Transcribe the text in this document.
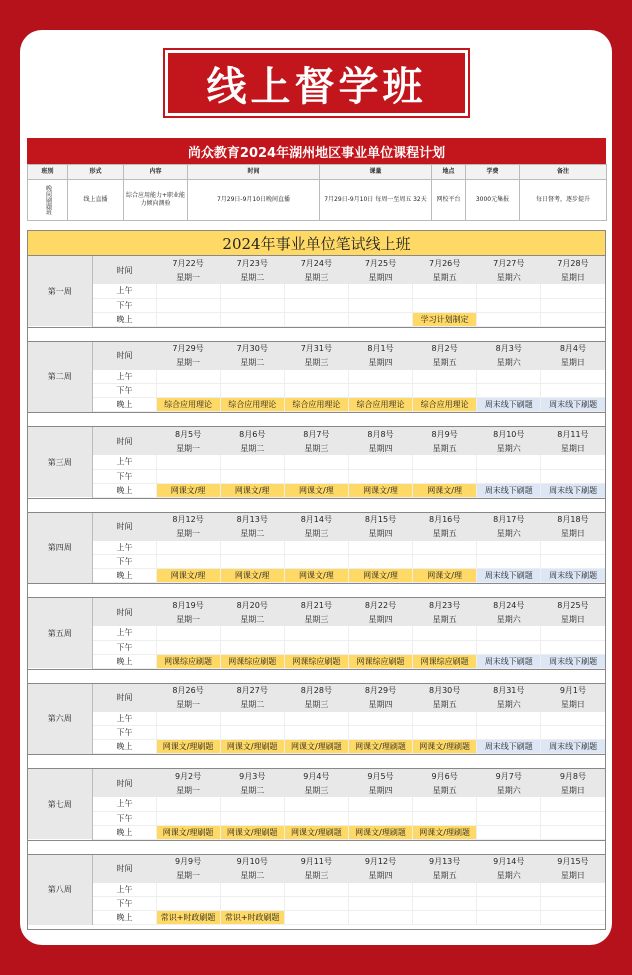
线上督学班
尚众教育2024年湖州地区事业单位课程计划
班别	形式	内容	时间	课量	地点	学费	备注
晚间刷题班	线上直播	综合应用能力+职业能力倾向测验	7月29日-9月10日晚间直播	7月29日-9月10日 每周一至周五 32天	网校平台	3000元集报	每日督考，逐步提升
2024年事业单位笔试线上班
第一周	时间	7月22号	7月23号	7月24号	7月25号	7月26号	7月27号	7月28号
		星期一	星期二	星期三	星期四	星期五	星期六	星期日
	上午							
	下午							
	晚上					学习计划制定		
第二周	时间	7月29号	7月30号	7月31号	8月1号	8月2号	8月3号	8月4号
		星期一	星期二	星期三	星期四	星期五	星期六	星期日
	上午							
	下午							
	晚上	综合应用理论	综合应用理论	综合应用理论	综合应用理论	综合应用理论	周末线下刷题	周末线下刷题
第三周	时间	8月5号	8月6号	8月7号	8月8号	8月9号	8月10号	8月11号
		星期一	星期二	星期三	星期四	星期五	星期六	星期日
	上午							
	下午							
	晚上	网课文/理	网课文/理	网课文/理	网课文/理	网课文/理	周末线下刷题	周末线下刷题
第四周	时间	8月12号	8月13号	8月14号	8月15号	8月16号	8月17号	8月18号
		星期一	星期二	星期三	星期四	星期五	星期六	星期日
	上午							
	下午							
	晚上	网课文/理	网课文/理	网课文/理	网课文/理	网课文/理	周末线下刷题	周末线下刷题
第五周	时间	8月19号	8月20号	8月21号	8月22号	8月23号	8月24号	8月25号
		星期一	星期二	星期三	星期四	星期五	星期六	星期日
	上午							
	下午							
	晚上	网课综应刷题	网课综应刷题	网课综应刷题	网课综应刷题	网课综应刷题	周末线下刷题	周末线下刷题
第六周	时间	8月26号	8月27号	8月28号	8月29号	8月30号	8月31号	9月1号
		星期一	星期二	星期三	星期四	星期五	星期六	星期日
	上午							
	下午							
	晚上	网课文/理刷题	网课文/理刷题	网课文/理刷题	网课文/理刷题	网课文/理刷题	周末线下刷题	周末线下刷题
第七周	时间	9月2号	9月3号	9月4号	9月5号	9月6号	9月7号	9月8号
		星期一	星期二	星期三	星期四	星期五	星期六	星期日
	上午							
	下午							
	晚上	网课文/理刷题	网课文/理刷题	网课文/理刷题	网课文/理刷题	网课文/理刷题		
第八周	时间	9月9号	9月10号	9月11号	9月12号	9月13号	9月14号	9月15号
		星期一	星期二	星期三	星期四	星期五	星期六	星期日
	上午							
	下午							
	晚上	常识+时政刷题	常识+时政刷题					
